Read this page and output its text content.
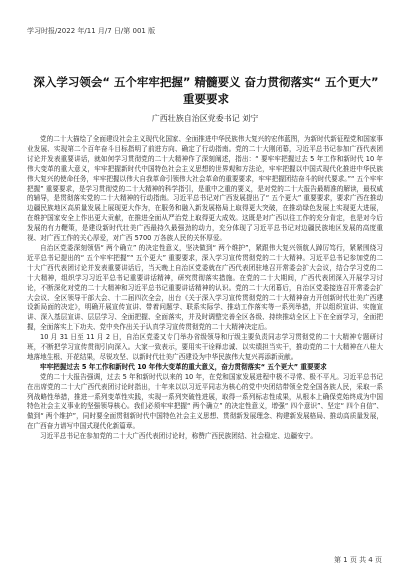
学习时报/2022 年/11 月/7 日/第 001 版
深入学习领会“ 五个牢牢把握” 精髓要义 奋力贯彻落实“ 五个更大” 重要要求
广西壮族自治区党委书记 刘宁

党的二十大描绘了全面建设社会主义现代化国家、全面推进中华民族伟大复兴的宏伟蓝图，为新时代新征程党和国家事业发展、实现第二个百年奋斗目标指明了前进方向、确定了行动指南。党的二十大刚闭幕，习近平总书记参加广西代表团讨论并发表重要讲话，就如何学习贯彻党的二十大精神作了深刻阐述，指出：“ 要牢牢把握过去 5 年工作和新时代 10 年伟大变革的重大意义，牢牢把握新时代中国特色社会主义思想的世界观和方法论，牢牢把握以中国式现代化推进中华民族伟大复兴的使命任务，牢牢把握以伟大自我革命引领伟大社会革命的重要要求，牢牢把握团结奋斗的时代要求。”“ 五个牢牢把握” 重要要求，是学习贯彻党的二十大精神的科学指引，是重中之重的要义，是对党的二十大报告最精准的解读，最权威的辅导，是贯彻落实党的二十大精神的行动指南。习近平总书记对广西发展提出了“ 五个更大” 重要要求，要求广西在推动边疆民族地区高质量发展上展现更大作为，在服务和融入新发展格局上取得更大突破，在推动绿色发展上实现更大进展，在维护国家安全上作出更大贡献，在推进全面从严治党上取得更大成效。这既是对广西以往工作的充分肯定，也是对今后发展的有力鞭策，是建设新时代壮美广西最持久最强劲的动力，充分体现了习近平总书记对边疆民族地区发展的高度重视、对广西工作的关心厚爱，对广西 5700 万各族人民的关怀厚爱。

自治区党委深刻领悟“ 两个确立” 的决定性意义，坚决做到“ 两个维护”，紧跟伟大复兴领航人踔厉笃行，紧紧围绕习近平总书记提出的“ 五个牢牢把握”“ 五个更大” 重要要求，深入学习宣传贯彻党的二十大精神。习近平总书记参加党的二十大广西代表团讨论并发表重要讲话后，当天晚上自治区党委就在广西代表团驻地召开常委会扩大会议，结合学习党的二十大精神，组织学习习近平总书记重要讲话精神，研究贯彻落实措施。在党的二十大期间，广西代表团深入开展学习讨论，不断深化对党的二十大精神和习近平总书记重要讲话精神的认识。党的二十大闭幕后，自治区党委接连召开常委会扩大会议、全区领导干部大会、十二届四次全会，出台《关于深入学习宣传贯彻党的二十大精神奋力开创新时代壮美广西建设新局面的决定》，明确开展宣传宣讲、带着问题学、联系实际学、推动工作落实等一系列举措，并以组织宣讲、实施宣讲、深入基层宣讲、层层学习、全面把握、全面落实，并及时调整完善全区各级、持续推动全区上下在全面学习，全面把握，全面落实上下功夫、党中央作出关于认真学习宣传贯彻党的二十大精神决定后。

10 月 31 日至 11 月 2 日，自治区党委又专门举办省级领导和厅级主要负责同志学习贯彻党的二十大精神专题研讨班，不断把学习宣传贯彻引向深入。大家一致表示，要用实干诠释忠诚、以实绩担当实干，推动党的二十大精神在八桂大地落地生根、开花结果，尽锐攻坚、以新时代壮美广西建设为中华民族伟大复兴再添新贡献。

牢牢把握过去 5 年工作和新时代 10 年伟大变革的重大意义，奋力贯彻落实“ 五个更大” 重要要求

党的二十大报告强调，过去 5 年和新时代以来的 10 年，在党和国家发展进程中极不寻常、极不平凡。习近平总书记在出席党的二十大广西代表团讨论时指出，十年来以以习近平同志为核心的党中央团结带领全党全国各族人民，采取一系列战略性举措，推进一系列变革性实践，实现一系列突破性进展，取得一系列标志性成果，从根本上确保党始终成为中国特色社会主义事业的坚强领导核心。我们必须牢牢把握“ 两个确立” 的决定性意义，增强“ 四个意识”、坚定“ 四个自信”、做到“ 两个维护”，同时要全面贯彻新时代中国特色社会主义思想、贯彻新发展理念、构建新发展格局、推动高质量发展，在广西奋力谱写中国式现代化新篇章。

习近平总书记在参加党的二十大广西代表团讨论时，称赞广西民族团结、社会稳定、边疆安宁。

第 1 页 共 4 页
